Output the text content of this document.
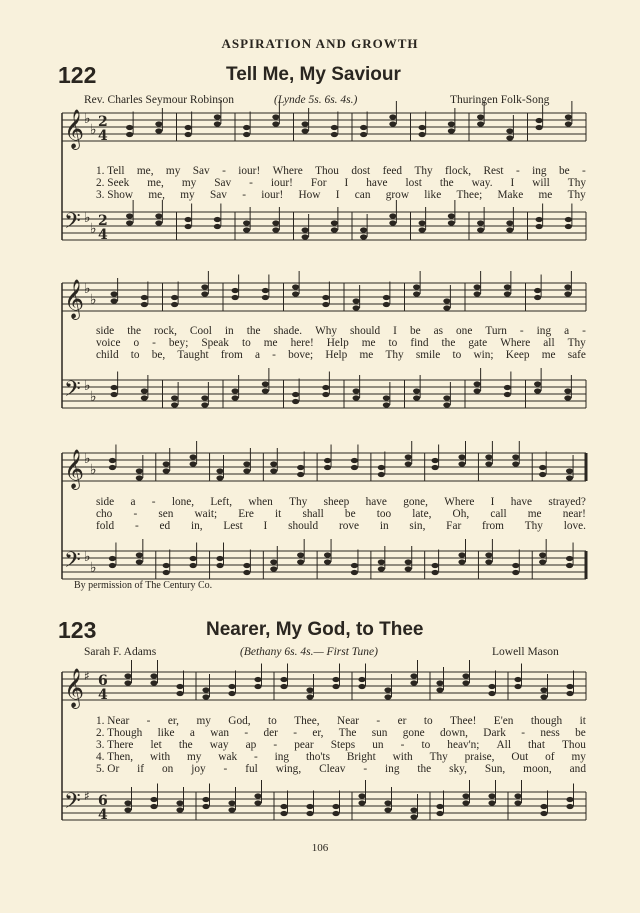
ASPIRATION AND GROWTH
122	Tell Me, My Saviour
Rev. Charles Seymour Robinson	(Lynde 5s. 6s. 4s.)	Thuringen Folk-Song
1. Tell me, my Sav - iour! Where Thou dost feed Thy flock, Rest - ing be -
2. Seek me, my Sav - iour! For I have lost the way. I will Thy
3. Show me, my Sav - iour! How I can grow like Thee; Make me Thy
side the rock, Cool in the shade. Why should I be as one Turn - ing a -
voice o - bey; Speak to me here! Help me to find the gate Where all Thy
child to be, Taught from a - bove; Help me Thy smile to win; Keep me safe
side a - lone, Left, when Thy sheep have gone, Where I have strayed?
cho - sen wait; Ere it shall be too late, Oh, call me near!
fold - ed in, Lest I should rove in sin, Far from Thy love.
By permission of The Century Co.
123	Nearer, My God, to Thee
Sarah F. Adams	(Bethany 6s. 4s.— First Tune)	Lowell Mason
1. Near - er, my God, to Thee, Near - er to Thee! E'en though it
2. Though like a wan - der - er, The sun gone down, Dark - ness be
3. There let the way ap - pear Steps un - to heav'n; All that Thou
4. Then, with my wak - ing tho'ts Bright with Thy praise, Out of my
5. Or if on joy - ful wing, Cleav - ing the sky, Sun, moon, and
106
𝄞 ♭
♭ 2
4
𝄢 ♭
♭ 2
4
𝄞 ♭
♭
𝄢 ♭
♭
𝄞 ♭
♭
𝄢 ♭
♭
𝄞 ♯ 6
4
𝄢 ♯ 6
4
